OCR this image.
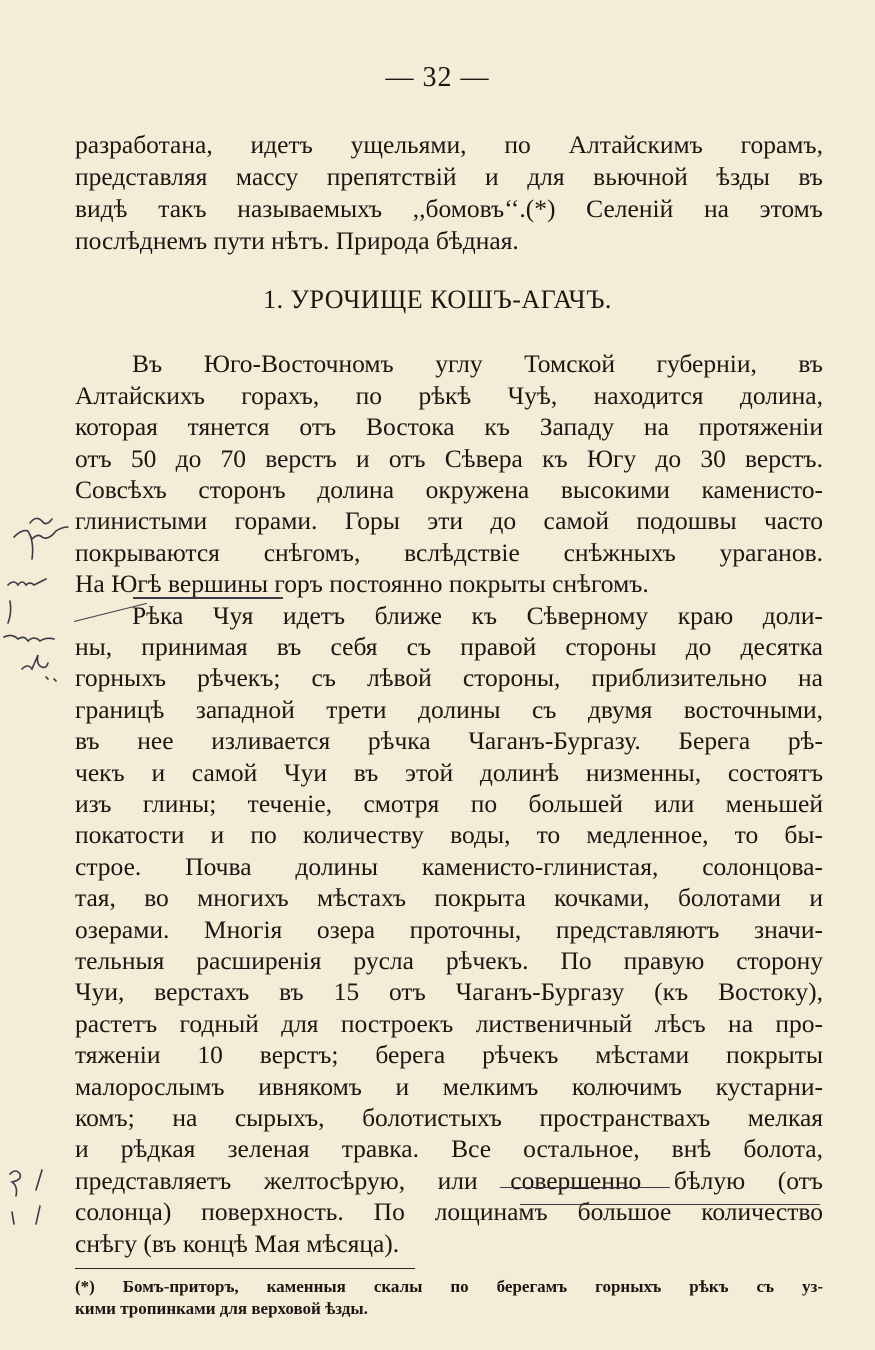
— 32 —
разработана, идетъ ущельями, по Алтайскимъ горамъ,
представляя массу препятствій и для вьючной ѣзды въ
видѣ такъ называемыхъ ,,бомовъ‘‘.(*) Селеній на этомъ
послѣднемъ пути нѣтъ. Природа бѣдная.
1. УРОЧИЩЕ КОШЪ-АГАЧЪ.
Въ Юго-Восточномъ углу Томской губерніи, въ
Алтайскихъ горахъ, по рѣкѣ Чуѣ, находится долина,
которая тянется отъ Востока къ Западу на протяженіи
отъ 50 до 70 верстъ и отъ Сѣвера къ Югу до 30 верстъ.
Совсѣхъ сторонъ долина окружена высокими каменисто-
глинистыми горами. Горы эти до самой подошвы часто
покрываются снѣгомъ, вслѣдствіе снѣжныхъ ураганов.
На Югѣ вершины горъ постоянно покрыты снѣгомъ.
Рѣка Чуя идетъ ближе къ Сѣверному краю доли-
ны, принимая въ себя съ правой стороны до десятка
горныхъ рѣчекъ; съ лѣвой стороны, приблизительно на
границѣ западной трети долины съ двумя восточными,
въ нее изливается рѣчка Чаганъ-Бургазу. Берега рѣ-
чекъ и самой Чуи въ этой долинѣ низменны, состоятъ
изъ глины; теченіе, смотря по большей или меньшей
покатости и по количеству воды, то медленное, то бы-
строе. Почва долины каменисто-глинистая, солонцова-
тая, во многихъ мѣстахъ покрыта кочками, болотами и
озерами. Многія озера проточны, представляютъ значи-
тельныя расширенія русла рѣчекъ. По правую сторону
Чуи, верстахъ въ 15 отъ Чаганъ-Бургазу (къ Востоку),
растетъ годный для построекъ лиственичный лѣсъ на про-
тяженіи 10 верстъ; берега рѣчекъ мѣстами покрыты
малорослымъ ивнякомъ и мелкимъ колючимъ кустарни-
комъ; на сырыхъ, болотистыхъ пространствахъ мелкая
и рѣдкая зеленая травка. Все остальное, внѣ болота,
представляетъ желтосѣрую, или совершенно бѣлую (отъ
солонца) поверхность. По лощинамъ большое количество
снѣгу (въ концѣ Мая мѣсяца).
(*) Бомъ-приторъ, каменныя скалы по берегамъ горныхъ рѣкъ съ уз-
кими тропинками для верховой ѣзды.
